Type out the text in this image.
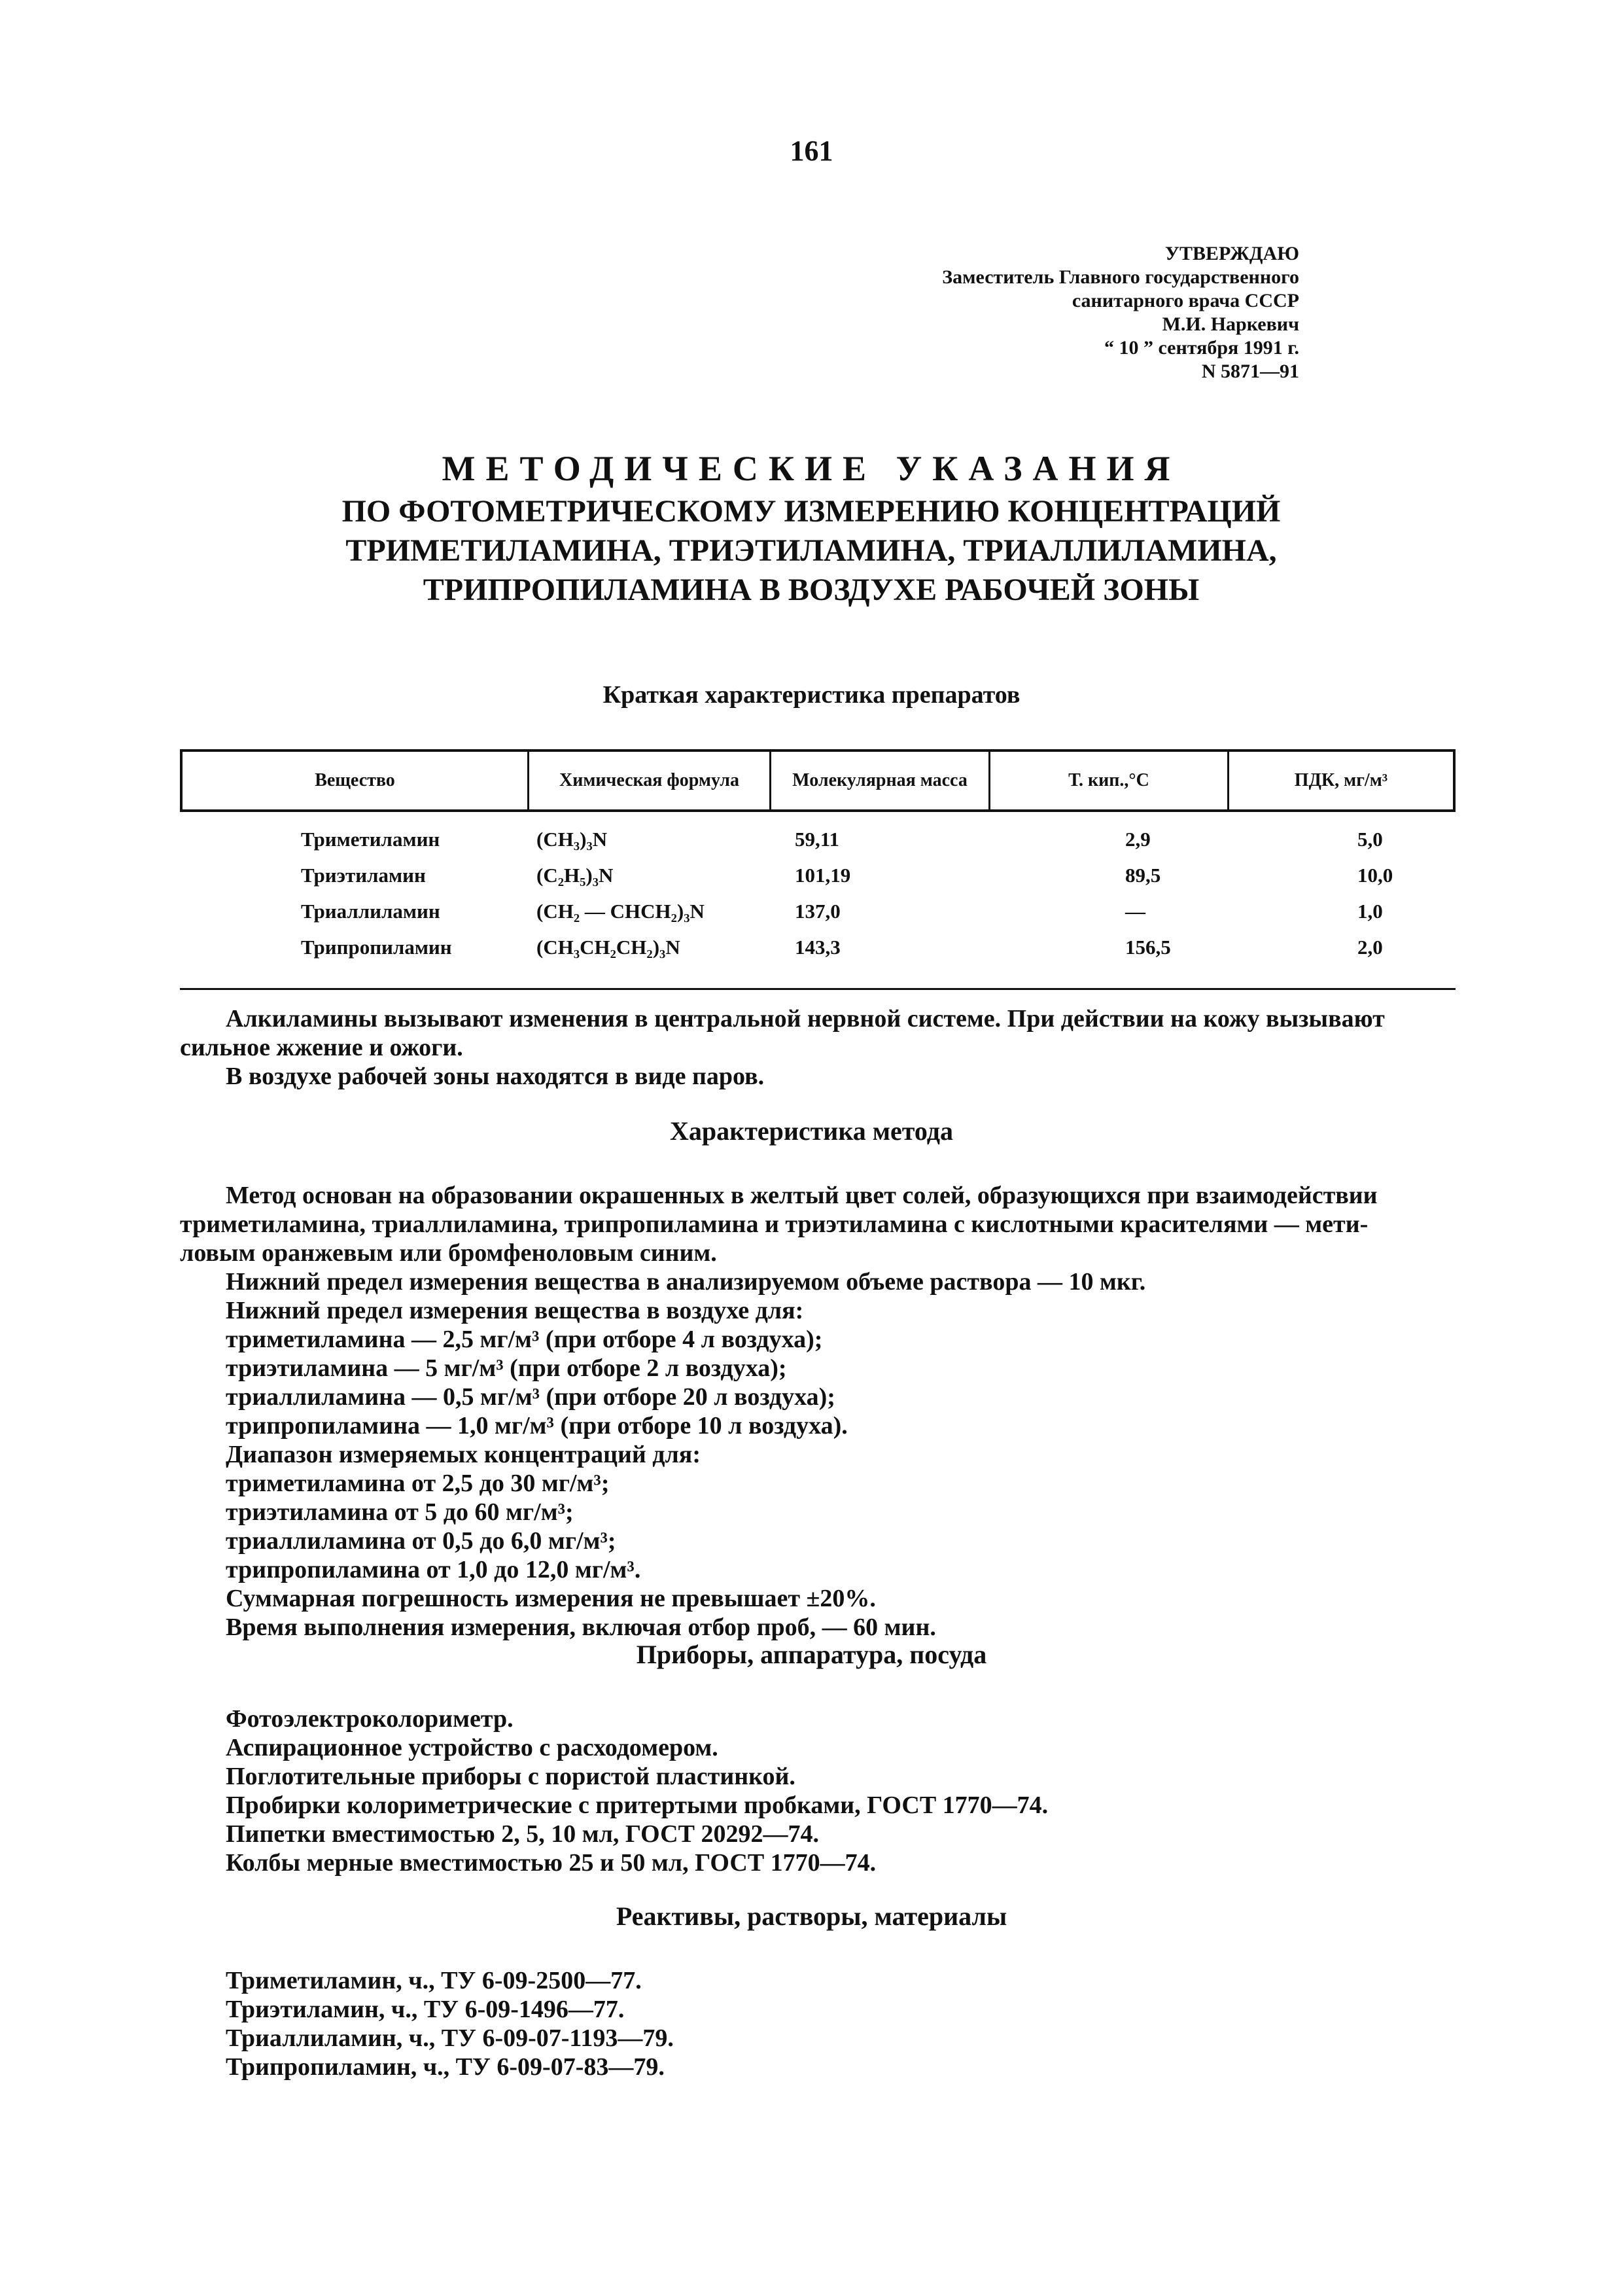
161
УТВЕРЖДАЮ
Заместитель Главного государственного
санитарного врача СССР
М.И. Наркевич
“ 10 ” сентября 1991 г.
N 5871—91
МЕТОДИЧЕСКИЕ УКАЗАНИЯ
ПО ФОТОМЕТРИЧЕСКОМУ ИЗМЕРЕНИЮ КОНЦЕНТРАЦИЙ
ТРИМЕТИЛАМИНА, ТРИЭТИЛАМИНА, ТРИАЛЛИЛАМИНА,
ТРИПРОПИЛАМИНА В ВОЗДУХЕ РАБОЧЕЙ ЗОНЫ
Краткая характеристика препаратов
Вещество	Химическая формула	Молекулярная масса	Т. кип.,°С	ПДК, мг/м³
Триметиламин	(CH₃)₃N	59,11	2,9	5,0
Триэтиламин	(C₂H₅)₃N	101,19	89,5	10,0
Триаллиламин	(CH₂ — CHCH₂)₃N	137,0	—	1,0
Трипропиламин	(CH₃CH₂CH₂)₃N	143,3	156,5	2,0
Алкиламины вызывают изменения в центральной нервной системе. При действии на кожу вызывают
сильное жжение и ожоги.
В воздухе рабочей зоны находятся в виде паров.
Характеристика метода
Метод основан на образовании окрашенных в желтый цвет солей, образующихся при взаимодействии
триметиламина, триаллиламина, трипропиламина и триэтиламина с кислотными красителями — мети-
ловым оранжевым или бромфеноловым синим.
Нижний предел измерения вещества в анализируемом объеме раствора — 10 мкг.
Нижний предел измерения вещества в воздухе для:
триметиламина — 2,5 мг/м³ (при отборе 4 л воздуха);
триэтиламина — 5 мг/м³ (при отборе 2 л воздуха);
триаллиламина — 0,5 мг/м³ (при отборе 20 л воздуха);
трипропиламина — 1,0 мг/м³ (при отборе 10 л воздуха).
Диапазон измеряемых концентраций для:
триметиламина от 2,5 до 30 мг/м³;
триэтиламина от 5 до 60 мг/м³;
триаллиламина от 0,5 до 6,0 мг/м³;
трипропиламина от 1,0 до 12,0 мг/м³.
Суммарная погрешность измерения не превышает ±20%.
Время выполнения измерения, включая отбор проб, — 60 мин.
Приборы, аппаратура, посуда
Фотоэлектроколориметр.
Аспирационное устройство с расходомером.
Поглотительные приборы с пористой пластинкой.
Пробирки колориметрические с притертыми пробками, ГОСТ 1770—74.
Пипетки вместимостью 2, 5, 10 мл, ГОСТ 20292—74.
Колбы мерные вместимостью 25 и 50 мл, ГОСТ 1770—74.
Реактивы, растворы, материалы
Триметиламин, ч., ТУ 6-09-2500—77.
Триэтиламин, ч., ТУ 6-09-1496—77.
Триаллиламин, ч., ТУ 6-09-07-1193—79.
Трипропиламин, ч., ТУ 6-09-07-83—79.
